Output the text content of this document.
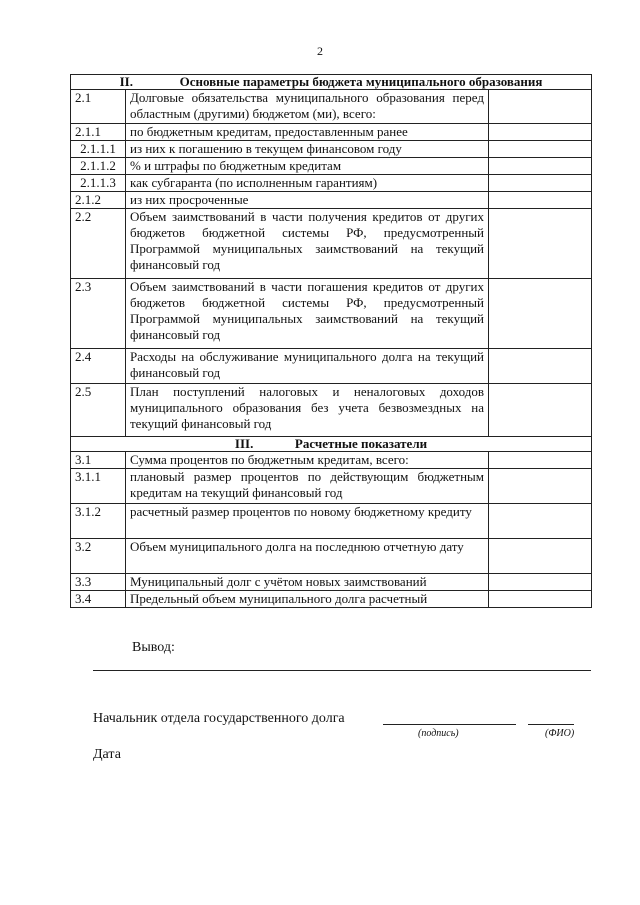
2
II. Основные параметры бюджета муниципального образования		
2.1	Долговые обязательства муниципального образования перед областным (другими) бюджетом (ми), всего:	
2.1.1	по бюджетным кредитам, предоставленным ранее	
2.1.1.1	из них к погашению в текущем финансовом году	
2.1.1.2	% и штрафы по бюджетным кредитам	
2.1.1.3	как субгаранта (по исполненным гарантиям)	
2.1.2	из них просроченные	
2.2	Объем заимствований в части получения кредитов от других бюджетов бюджетной системы РФ, предусмотренный Программой муниципальных заимствований на текущий финансовый год	
2.3	Объем заимствований в части погашения кредитов от других бюджетов бюджетной системы РФ, предусмотренный Программой муниципальных заимствований на текущий финансовый год	
2.4	Расходы на обслуживание муниципального долга на текущий финансовый год	
2.5	План поступлений налоговых и неналоговых доходов муниципального образования без учета безвозмездных на текущий финансовый год	
III. Расчетные показатели		
3.1	Сумма процентов по бюджетным кредитам, всего:	
3.1.1	плановый размер процентов по действующим бюджетным кредитам на текущий финансовый год	
3.1.2	расчетный размер процентов по новому бюджетному кредиту	
3.2	Объем муниципального долга на последнюю отчетную дату	
3.3	Муниципальный долг с учётом новых заимствований	
3.4	Предельный объем муниципального долга расчетный	
Вывод:
Начальник отдела государственного долга
(подпись)	(ФИО)
Дата
